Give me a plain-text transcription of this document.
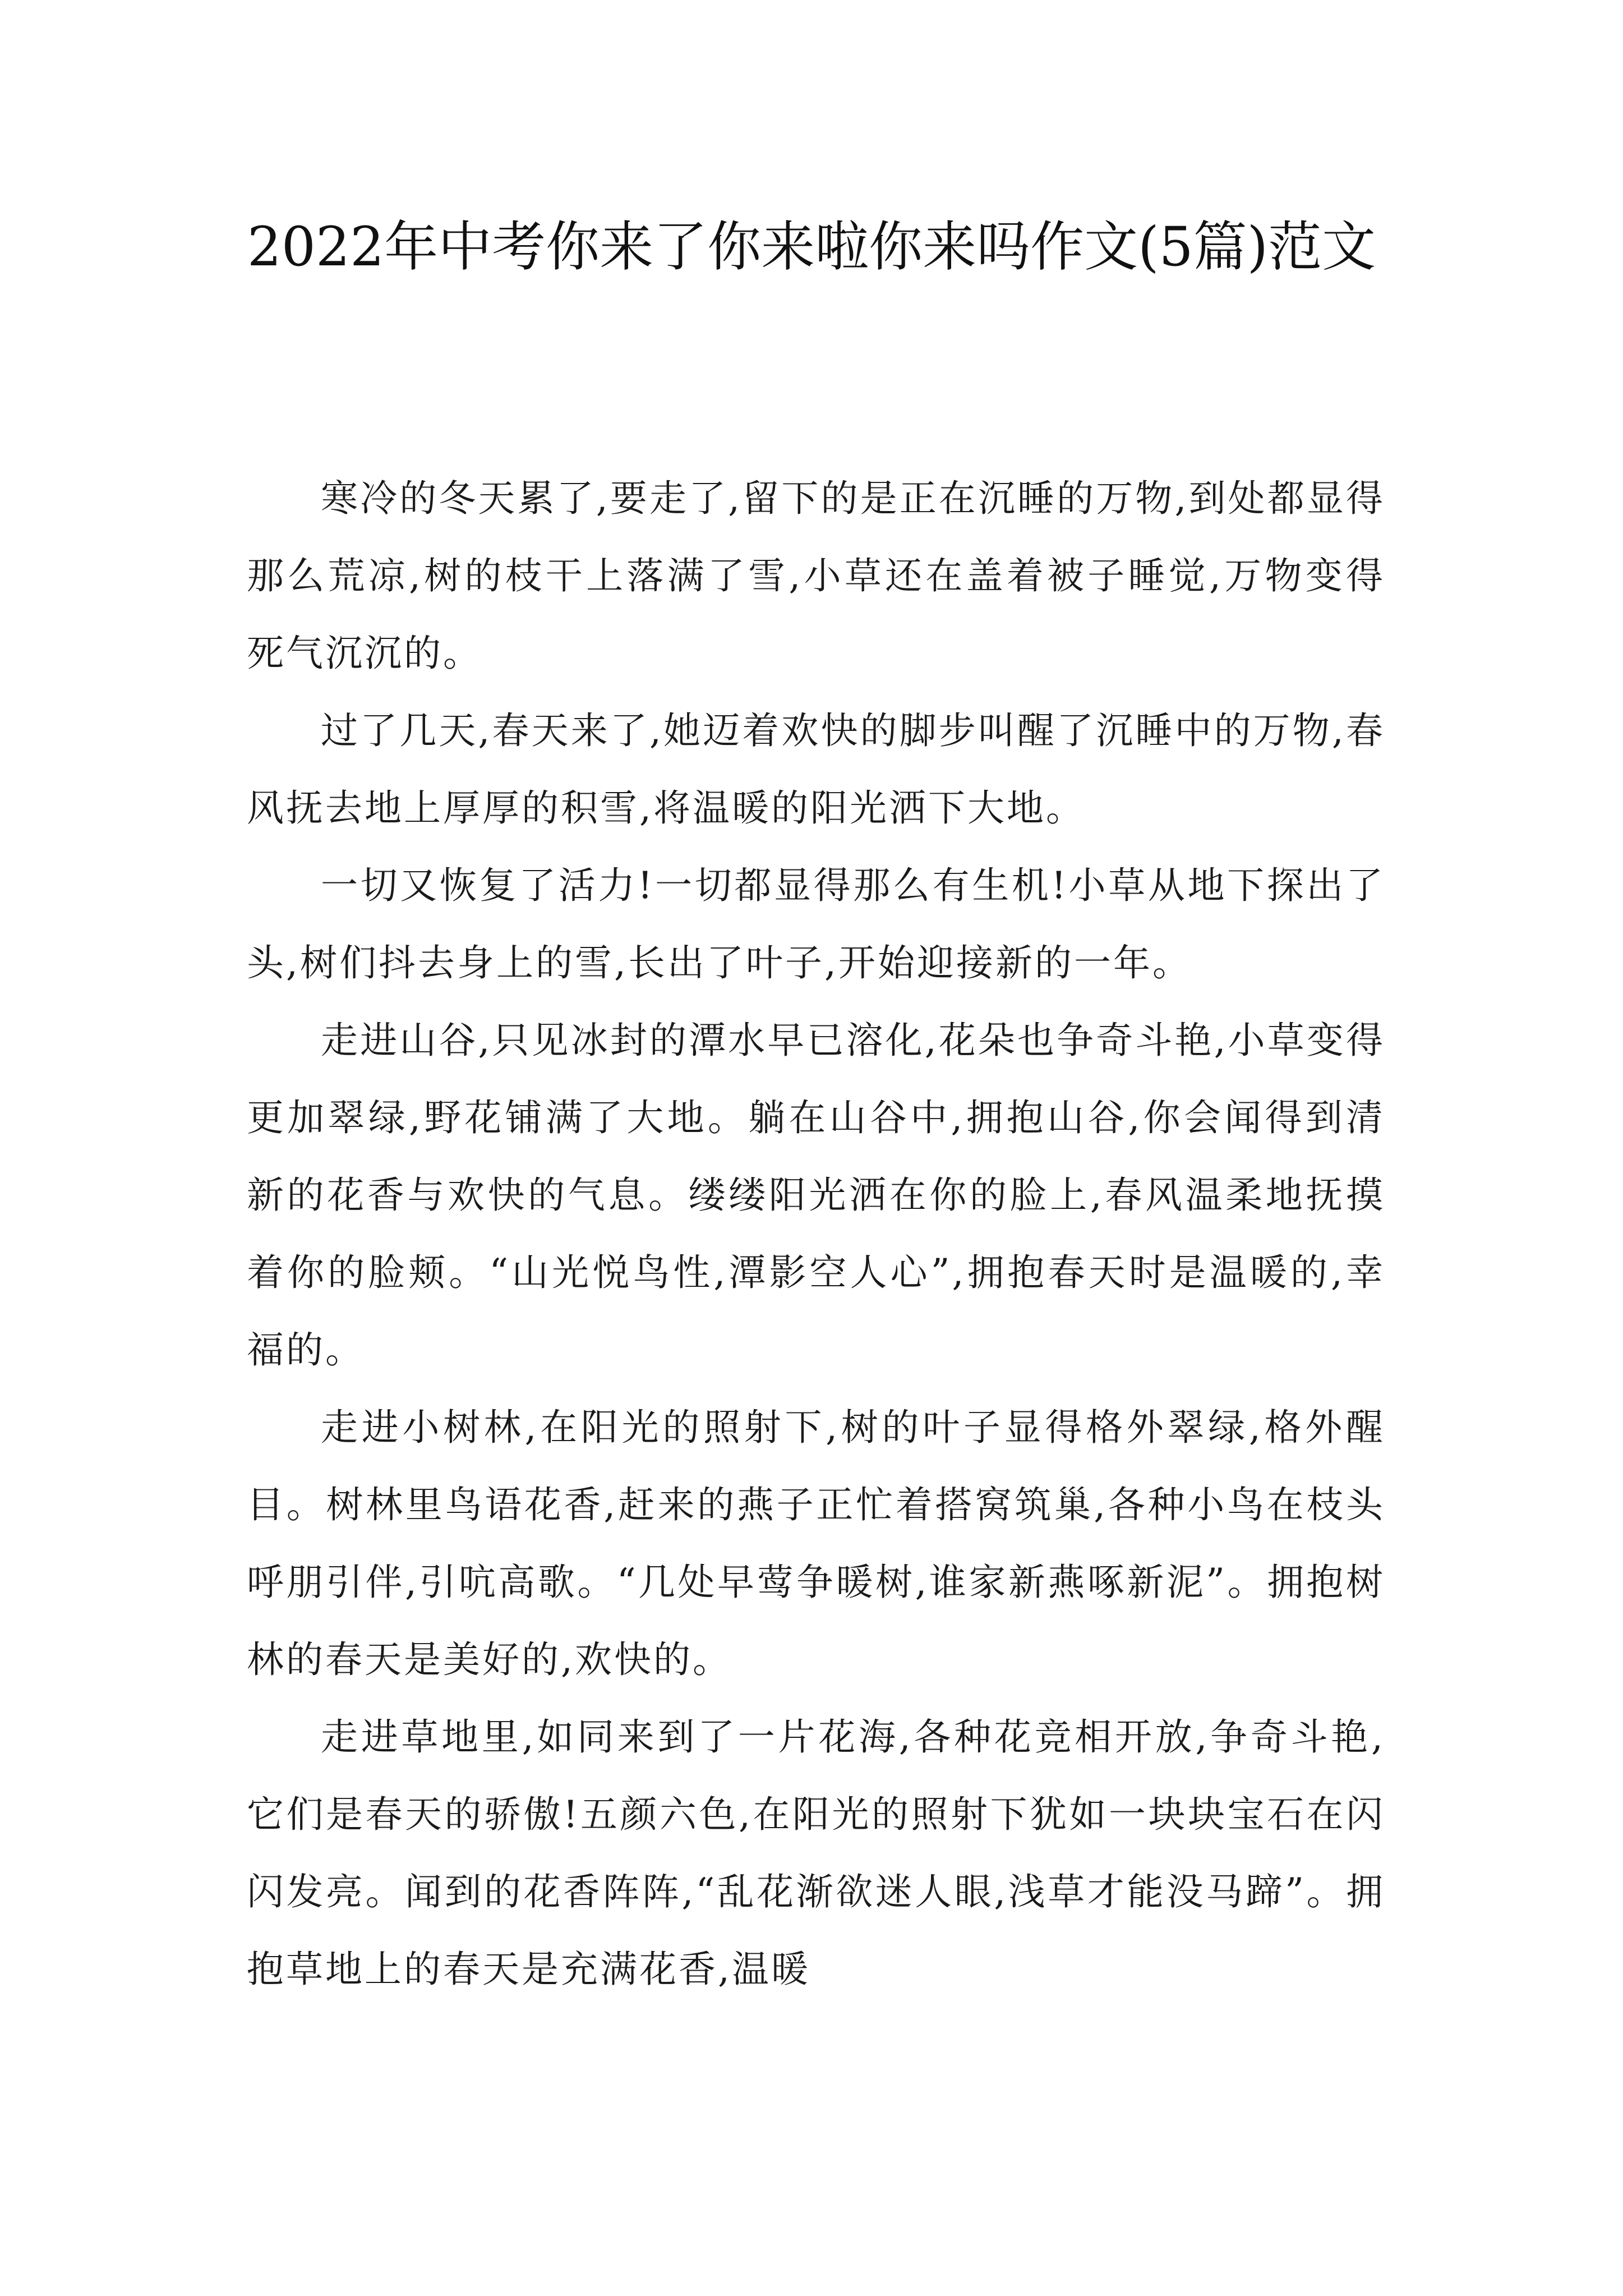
2022年中考你来了你来啦你来吗作文(5篇)范文

寒冷的冬天累了,要走了,留下的是正在沉睡的万物,到处都显得那么荒凉,树的枝干上落满了雪,小草还在盖着被子睡觉,万物变得死气沉沉的。

过了几天,春天来了,她迈着欢快的脚步叫醒了沉睡中的万物,春风抚去地上厚厚的积雪,将温暖的阳光洒下大地。

一切又恢复了活力!一切都显得那么有生机!小草从地下探出了头,树们抖去身上的雪,长出了叶子,开始迎接新的一年。

走进山谷,只见冰封的潭水早已溶化,花朵也争奇斗艳,小草变得更加翠绿,野花铺满了大地。躺在山谷中,拥抱山谷,你会闻得到清新的花香与欢快的气息。缕缕阳光洒在你的脸上,春风温柔地抚摸着你的脸颊。“山光悦鸟性,潭影空人心”,拥抱春天时是温暖的,幸福的。

走进小树林,在阳光的照射下,树的叶子显得格外翠绿,格外醒目。树林里鸟语花香,赶来的燕子正忙着搭窝筑巢,各种小鸟在枝头呼朋引伴,引吭高歌。“几处早莺争暖树,谁家新燕啄新泥”。拥抱树林的春天是美好的,欢快的。

走进草地里,如同来到了一片花海,各种花竞相开放,争奇斗艳,它们是春天的骄傲!五颜六色,在阳光的照射下犹如一块块宝石在闪闪发亮。闻到的花香阵阵,“乱花渐欲迷人眼,浅草才能没马蹄”。拥抱草地上的春天是充满花香,温暖
